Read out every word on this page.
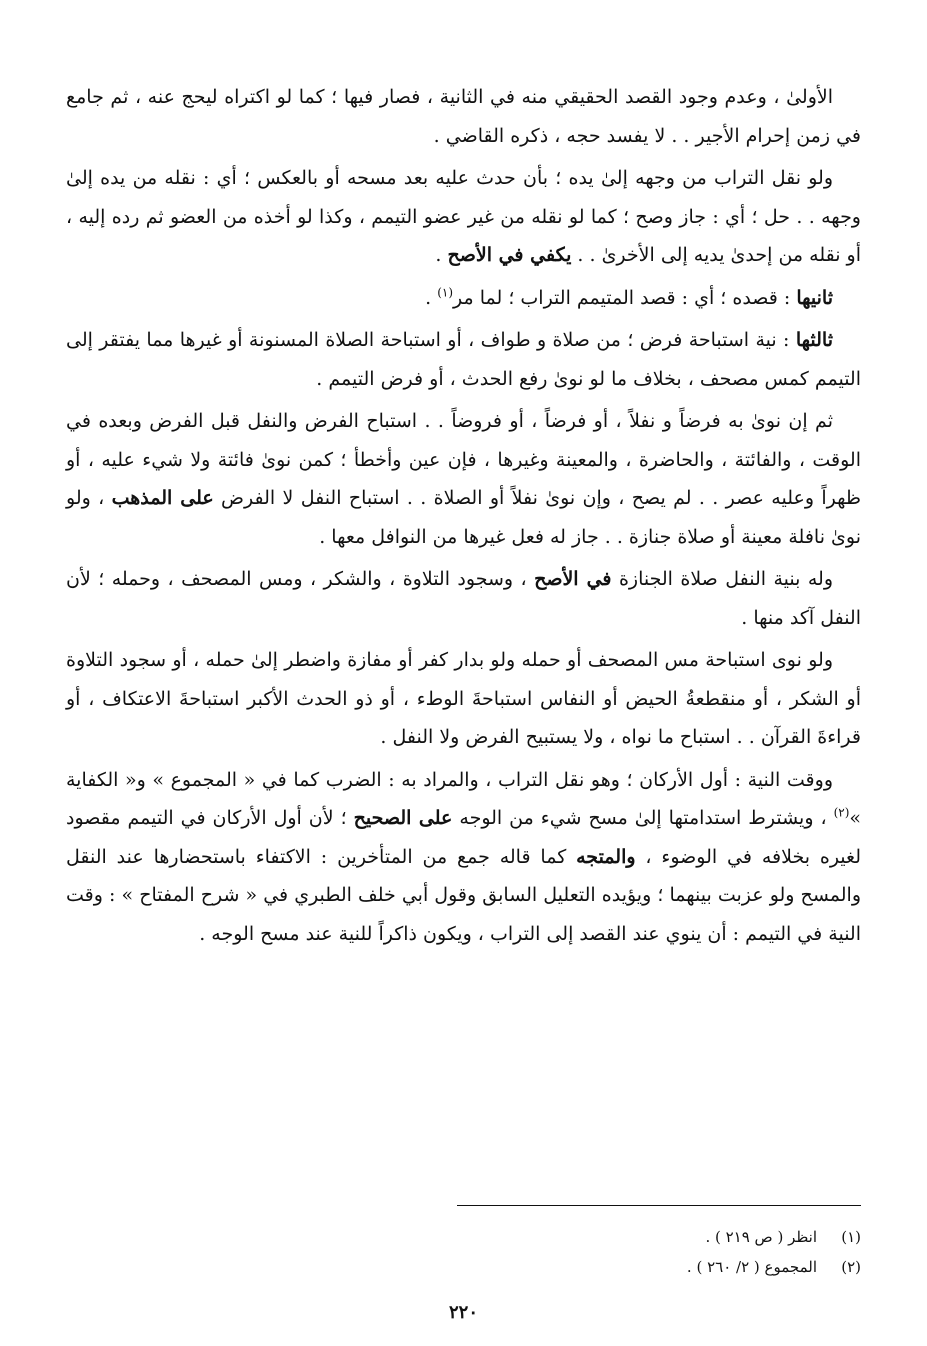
الأولىٰ ، وعدم وجود القصد الحقيقي منه في الثانية ، فصار فيها ؛ كما لو اكتراه ليحج عنه ، ثم جامع في زمن إحرام الأجير . . لا يفسد حجه ، ذكره القاضي .

ولو نقل التراب من وجهه إلىٰ يده ؛ بأن حدث عليه بعد مسحه أو بالعكس ؛ أي : نقله من يده إلىٰ وجهه . . حل ؛ أي : جاز وصح ؛ كما لو نقله من غير عضو التيمم ، وكذا لو أخذه من العضو ثم رده إليه ، أو نقله من إحدىٰ يديه إلى الأخرىٰ . . يكفي في الأصح .

ثانيها : قصده ؛ أي : قصد المتيمم التراب ؛ لما مر$^{(١)}$ .

ثالثها : نية استباحة فرض ؛ من صلاة و طواف ، أو استباحة الصلاة المسنونة أو غيرها مما يفتقر إلى التيمم كمس مصحف ، بخلاف ما لو نوىٰ رفع الحدث ، أو فرض التيمم .

ثم إن نوىٰ به فرضاً و نفلاً ، أو فرضاً ، أو فروضاً . . استباح الفرض والنفل قبل الفرض وبعده في الوقت ، والفائتة ، والحاضرة ، والمعينة وغيرها ، فإن عين وأخطأ ؛ كمن نوىٰ فائتة ولا شيء عليه ، أو ظهراً وعليه عصر . . لم يصح ، وإن نوىٰ نفلاً أو الصلاة . . استباح النفل لا الفرض على المذهب ، ولو نوىٰ نافلة معينة أو صلاة جنازة . . جاز له فعل غيرها من النوافل معها .

وله بنية النفل صلاة الجنازة في الأصح ، وسجود التلاوة ، والشكر ، ومس المصحف ، وحمله ؛ لأن النفل آكد منها .

ولو نوى استباحة مس المصحف أو حمله ولو بدار كفر أو مفازة واضطر إلىٰ حمله ، أو سجود التلاوة أو الشكر ، أو منقطعةُ الحيض أو النفاس استباحةَ الوطء ، أو ذو الحدث الأكبر استباحةَ الاعتكاف ، أو قراءةَ القرآن . . استباح ما نواه ، ولا يستبيح الفرض ولا النفل .

ووقت النية : أول الأركان ؛ وهو نقل التراب ، والمراد به : الضرب كما في « المجموع » و« الكفاية »$^{(٢)}$ ، ويشترط استدامتها إلىٰ مسح شيء من الوجه على الصحيح ؛ لأن أول الأركان في التيمم مقصود لغيره بخلافه في الوضوء ، والمتجه كما قاله جمع من المتأخرين : الاكتفاء باستحضارها عند النقل والمسح ولو عزبت بينهما ؛ ويؤيده التعليل السابق وقول أبي خلف الطبري في « شرح المفتاح » : وقت النية في التيمم : أن ينوي عند القصد إلى التراب ، ويكون ذاكراً للنية عند مسح الوجه .

(١)
انظر ( ص ٢١٩ ) .
(٢)
المجموع ( ٢/ ٢٦٠ ) .
٢٢٠
